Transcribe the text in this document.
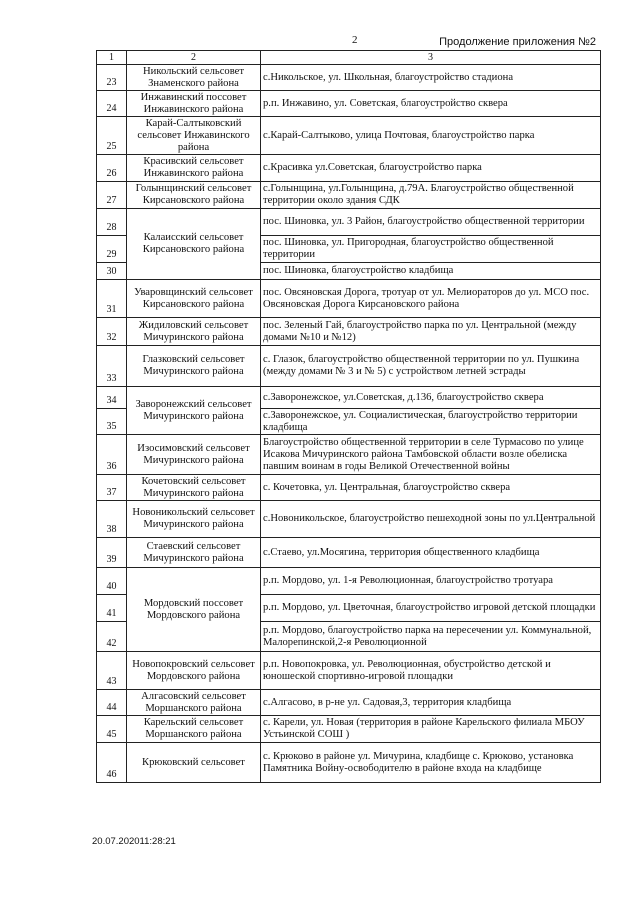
2	Продолжение приложения №2
1	2	3
23	Никольский сельсовет Знаменского района	с.Никольское, ул. Школьная, благоустройство стадиона
24	Инжавинский поссовет Инжавинского района	р.п. Инжавино, ул. Советская, благоустройство сквера
25	Карай-Салтыковский сельсовет Инжавинского района	с.Карай-Салтыково, улица Почтовая, благоустройство парка
26	Красивский сельсовет Инжавинского района	с.Красивка ул.Советская, благоустройство парка
27	Голынщинский сельсовет Кирсановского района	с.Голынщина, ул.Голынщина, д.79А. Благоустройство общественной территории около здания СДК
28	Калаисский сельсовет Кирсановского района	пос. Шиновка, ул. 3 Район, благоустройство общественной территории
29		пос. Шиновка, ул. Пригородная, благоустройство общественной территории
30		пос. Шиновка, благоустройство кладбища
31	Уваровщинский сельсовет Кирсановского района	пос. Овсяновская Дорога, тротуар от ул. Мелиораторов до ул. МСО пос. Овсяновская Дорога Кирсановского района
32	Жидиловский сельсовет Мичуринского района	пос. Зеленый Гай, благоустройство парка по ул. Центральной (между домами №10 и №12)
33	Глазковский сельсовет Мичуринского района	с. Глазок, благоустройство общественной территории по ул. Пушкина (между домами № 3 и № 5) с устройством летней эстрады
34	Заворонежский сельсовет Мичуринского района	с.Заворонежское, ул.Советская, д.136, благоустройство сквера
35		с.Заворонежское, ул. Социалистическая, благоустройство территории кладбища
36	Изосимовский сельсовет Мичуринского района	Благоустройство общественной территории в селе Турмасово по улице Исакова Мичуринского района Тамбовской области возле обелиска павшим воинам в годы Великой Отечественной войны
37	Кочетовский сельсовет Мичуринского района	с. Кочетовка, ул. Центральная, благоустройство сквера
38	Новоникольский сельсовет Мичуринского района	с.Новоникольское, благоустройство пешеходной зоны по ул.Центральной
39	Стаевский сельсовет Мичуринского района	с.Стаево, ул.Мосягина, территория общественного кладбища
40	Мордовский поссовет Мордовского района	р.п. Мордово, ул. 1-я Революционная, благоустройство тротуара
41		р.п. Мордово, ул. Цветочная, благоустройство игровой детской площадки
42		р.п. Мордово, благоустройство парка на пересечении ул. Коммунальной, Малорепинской,2-я Революционной
43	Новопокровский сельсовет Мордовского района	р.п. Новопокровка, ул. Революционная, обустройство детской и юношеской спортивно-игровой площадки
44	Алгасовский сельсовет Моршанского района	с.Алгасово, в р-не ул. Садовая,3, территория кладбища
45	Карельский сельсовет Моршанского района	с. Карели, ул. Новая (территория в районе Карельского филиала МБОУ Устьинской СОШ )
46	Крюковский сельсовет	с. Крюково в районе ул. Мичурина, кладбище с. Крюково, установка Памятника Войну-освободителю в районе входа на кладбище
20.07.202011:28:21
